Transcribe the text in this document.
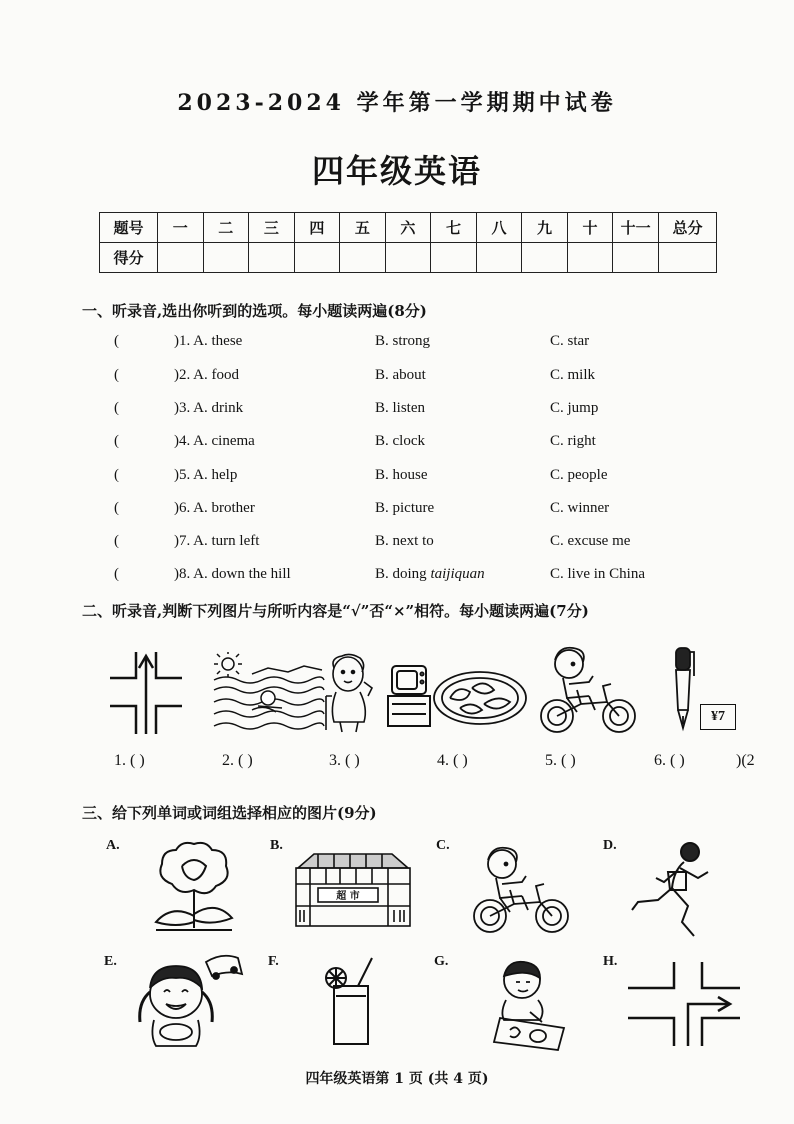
2023-2024 学年第一学期期中试卷
四年级英语
题号	一	二	三	四	五	六	七	八	九	十	十一	总分
得分												
一、听录音,选出你听到的选项。每小题读两遍(8分)
(	)1. A. these	B. strong	C. star
(	)2. A. food	B. about	C. milk
(	)3. A. drink	B. listen	C. jump
(	)4. A. cinema	B. clock	C. right
(	)5. A. help	B. house	C. people
(	)6. A. brother	B. picture	C. winner
(	)7. A. turn left	B. next to	C. excuse me
(	)8. A. down the hill	B. doing taijiquan	C. live in China
二、听录音,判断下列图片与所听内容是“√”否“×”相符。每小题读两遍(7分)
¥7
1. ( )	2. ( )	3. ( )	4. ( )	5. ( )	6. ( )	)(2
三、给下列单词或词组选择相应的图片(9分)
A.	B.	C.	D.
E.	F.	G.	H.
超 市
四年级英语第 1 页 (共 4 页)
